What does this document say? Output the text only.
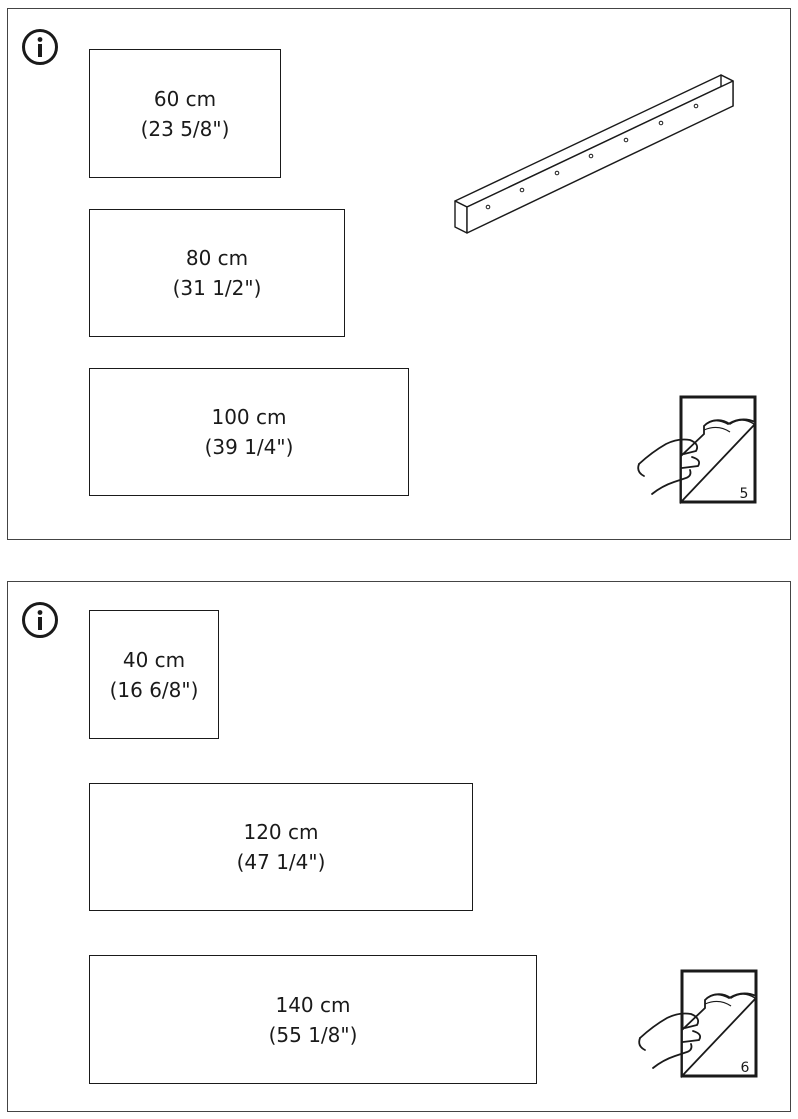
60 cm
(23 5/8")
80 cm
(31 1/2")
100 cm
(39 1/4")
5
40 cm
(16 6/8")
120 cm
(47 1/4")
140 cm
(55 1/8")
6
